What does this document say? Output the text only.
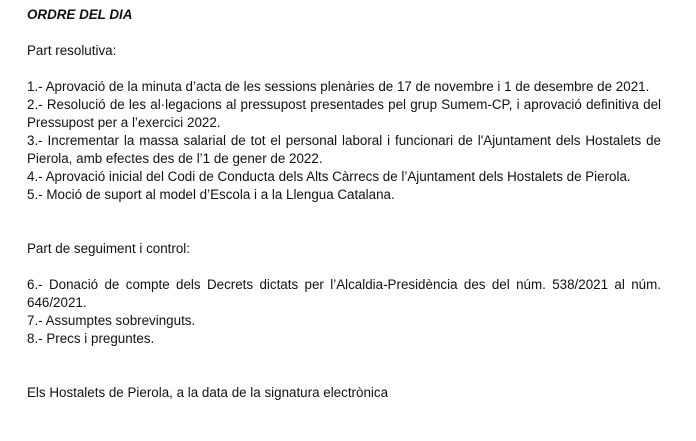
ORDRE DEL DIA

Part resolutiva:

1.- Aprovació de la minuta d’acta de les sessions plenàries de 17 de novembre i 1 de desembre de 2021.

2.- Resolució de les al·legacions al pressupost presentades pel grup Sumem-CP, i aprovació definitiva del Pressupost per a l’exercici 2022.

3.- Incrementar la massa salarial de tot el personal laboral i funcionari de l'Ajuntament dels Hostalets de Pierola, amb efectes des de l’1 de gener de 2022.

4.- Aprovació inicial del Codi de Conducta dels Alts Càrrecs de l’Ajuntament dels Hostalets de Pierola.

5.- Moció de suport al model d’Escola i a la Llengua Catalana.

Part de seguiment i control:

6.- Donació de compte dels Decrets dictats per l’Alcaldia-Presidència des del núm. 538/2021 al núm. 646/2021.

7.- Assumptes sobrevinguts.

8.- Precs i preguntes.

Els Hostalets de Pierola, a la data de la signatura electrònica
